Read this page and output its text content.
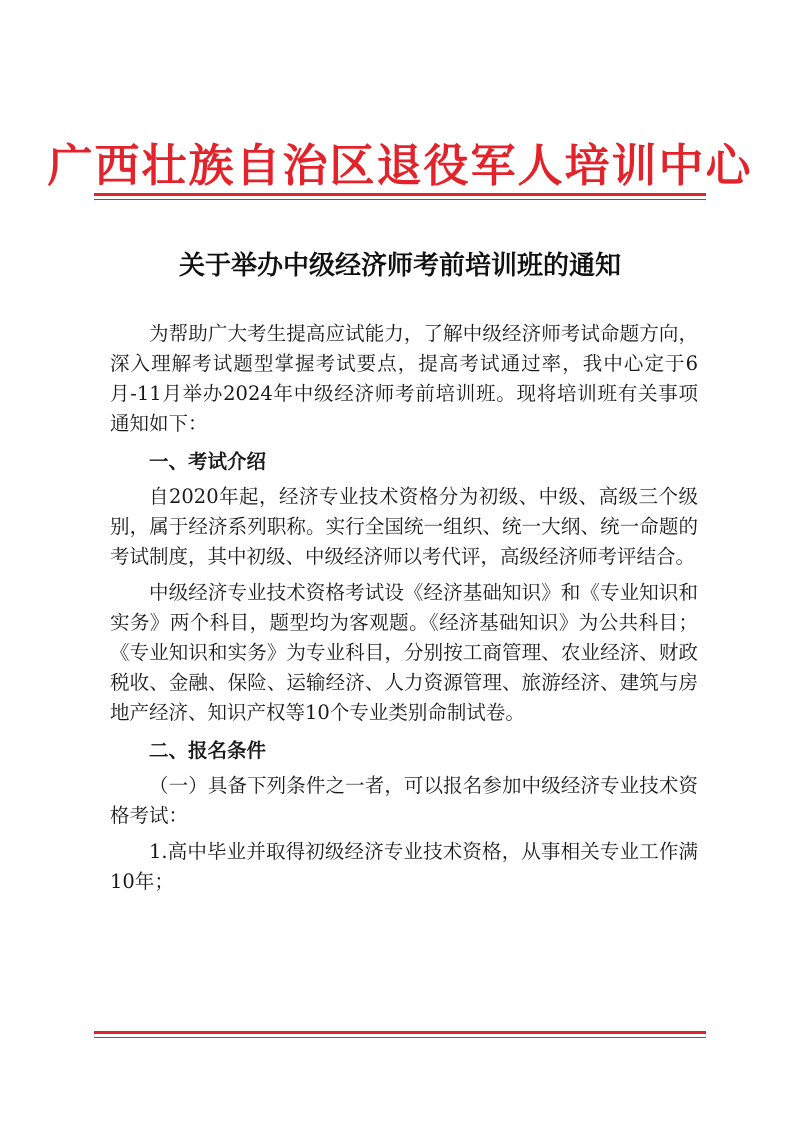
广西壮族自治区退役军人培训中心
关于举办中级经济师考前培训班的通知

为帮助广大考生提高应试能力，了解中级经济师考试命题方向，深入理解考试题型掌握考试要点，提高考试通过率，我中心定于6月-11月举办2024年中级经济师考前培训班。现将培训班有关事项通知如下：

一、考试介绍

自2020年起，经济专业技术资格分为初级、中级、高级三个级别，属于经济系列职称。实行全国统一组织、统一大纲、统一命题的考试制度，其中初级、中级经济师以考代评，高级经济师考评结合。

中级经济专业技术资格考试设《经济基础知识》和《专业知识和实务》两个科目，题型均为客观题。《经济基础知识》为公共科目；《专业知识和实务》为专业科目，分别按工商管理、农业经济、财政税收、金融、保险、运输经济、人力资源管理、旅游经济、建筑与房地产经济、知识产权等10个专业类别命制试卷。

二、报名条件

（一）具备下列条件之一者，可以报名参加中级经济专业技术资格考试：

1.高中毕业并取得初级经济专业技术资格，从事相关专业工作满10年；
